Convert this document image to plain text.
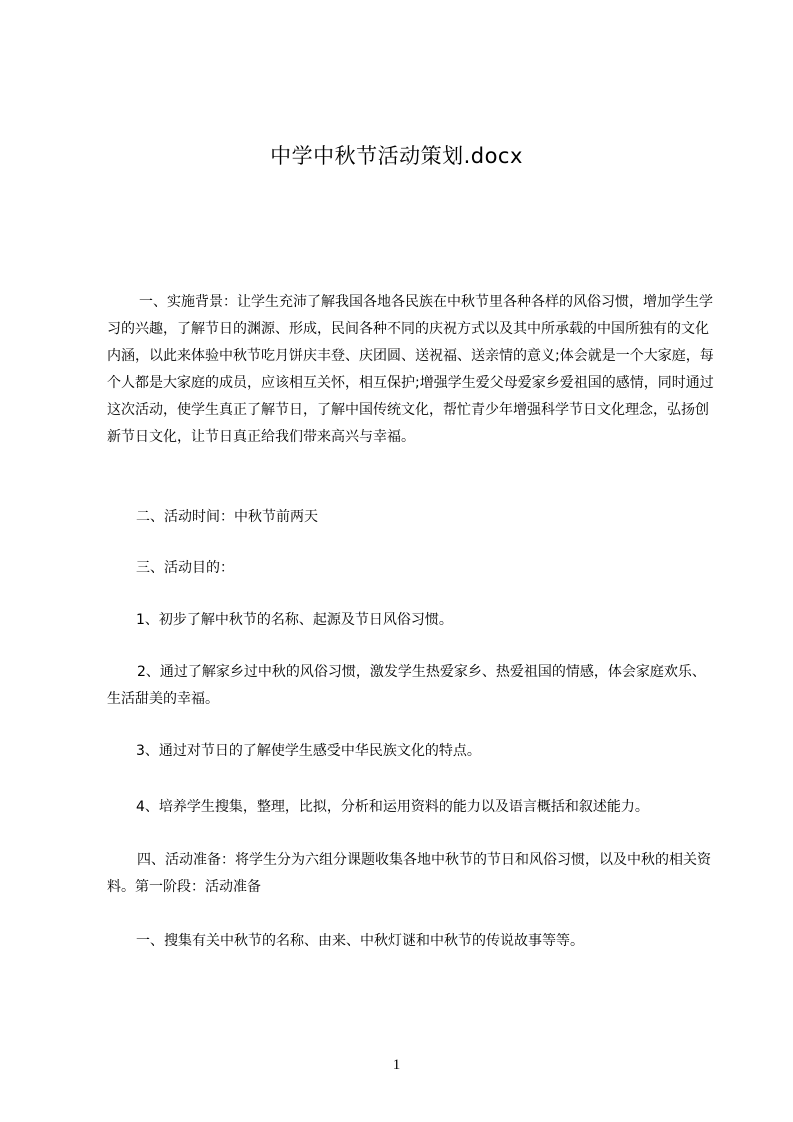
中学中秋节活动策划.docx

一、实施背景：让学生充沛了解我国各地各民族在中秋节里各种各样的风俗习惯，增加学生学习的兴趣，了解节日的渊源、形成，民间各种不同的庆祝方式以及其中所承载的中国所独有的文化内涵，以此来体验中秋节吃月饼庆丰登、庆团圆、送祝福、送亲情的意义;体会就是一个大家庭，每个人都是大家庭的成员，应该相互关怀，相互保护;增强学生爱父母爱家乡爱祖国的感情，同时通过这次活动，使学生真正了解节日，了解中国传统文化，帮忙青少年增强科学节日文化理念，弘扬创新节日文化，让节日真正给我们带来高兴与幸福。

二、活动时间：中秋节前两天

三、活动目的：

1、初步了解中秋节的名称、起源及节日风俗习惯。

2、通过了解家乡过中秋的风俗习惯，激发学生热爱家乡、热爱祖国的情感，体会家庭欢乐、生活甜美的幸福。

3、通过对节日的了解使学生感受中华民族文化的特点。

4、培养学生搜集，整理，比拟，分析和运用资料的能力以及语言概括和叙述能力。

四、活动准备：将学生分为六组分课题收集各地中秋节的节日和风俗习惯，以及中秋的相关资料。第一阶段：活动准备

一、搜集有关中秋节的名称、由来、中秋灯谜和中秋节的传说故事等等。

1
